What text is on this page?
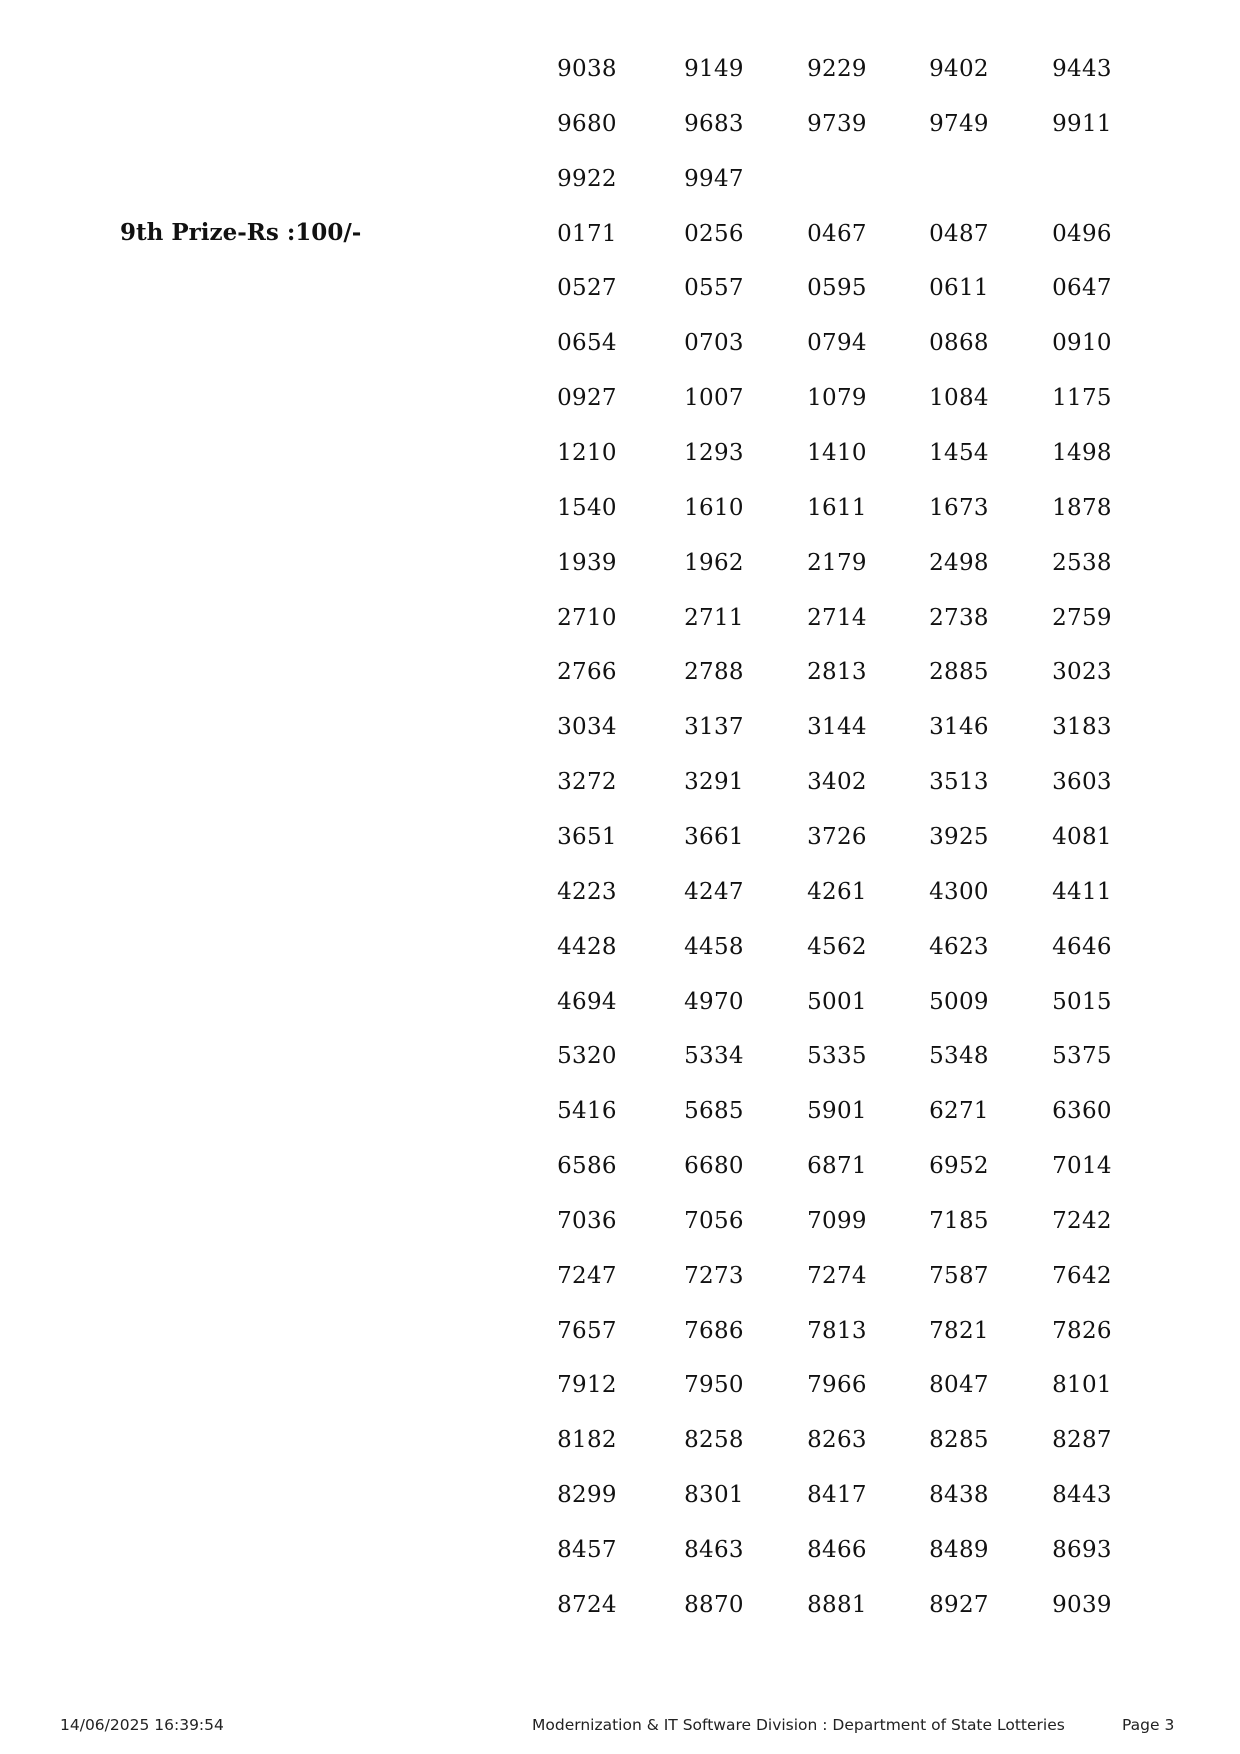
9038	9149	9229	9402	9443
9680	9683	9739	9749	9911
9922	9947
9th Prize-Rs :100/-	0171	0256	0467	0487	0496
0527	0557	0595	0611	0647
0654	0703	0794	0868	0910
0927	1007	1079	1084	1175
1210	1293	1410	1454	1498
1540	1610	1611	1673	1878
1939	1962	2179	2498	2538
2710	2711	2714	2738	2759
2766	2788	2813	2885	3023
3034	3137	3144	3146	3183
3272	3291	3402	3513	3603
3651	3661	3726	3925	4081
4223	4247	4261	4300	4411
4428	4458	4562	4623	4646
4694	4970	5001	5009	5015
5320	5334	5335	5348	5375
5416	5685	5901	6271	6360
6586	6680	6871	6952	7014
7036	7056	7099	7185	7242
7247	7273	7274	7587	7642
7657	7686	7813	7821	7826
7912	7950	7966	8047	8101
8182	8258	8263	8285	8287
8299	8301	8417	8438	8443
8457	8463	8466	8489	8693
8724	8870	8881	8927	9039
14/06/2025 16:39:54	Modernization & IT Software Division : Department of State Lotteries	Page 3
